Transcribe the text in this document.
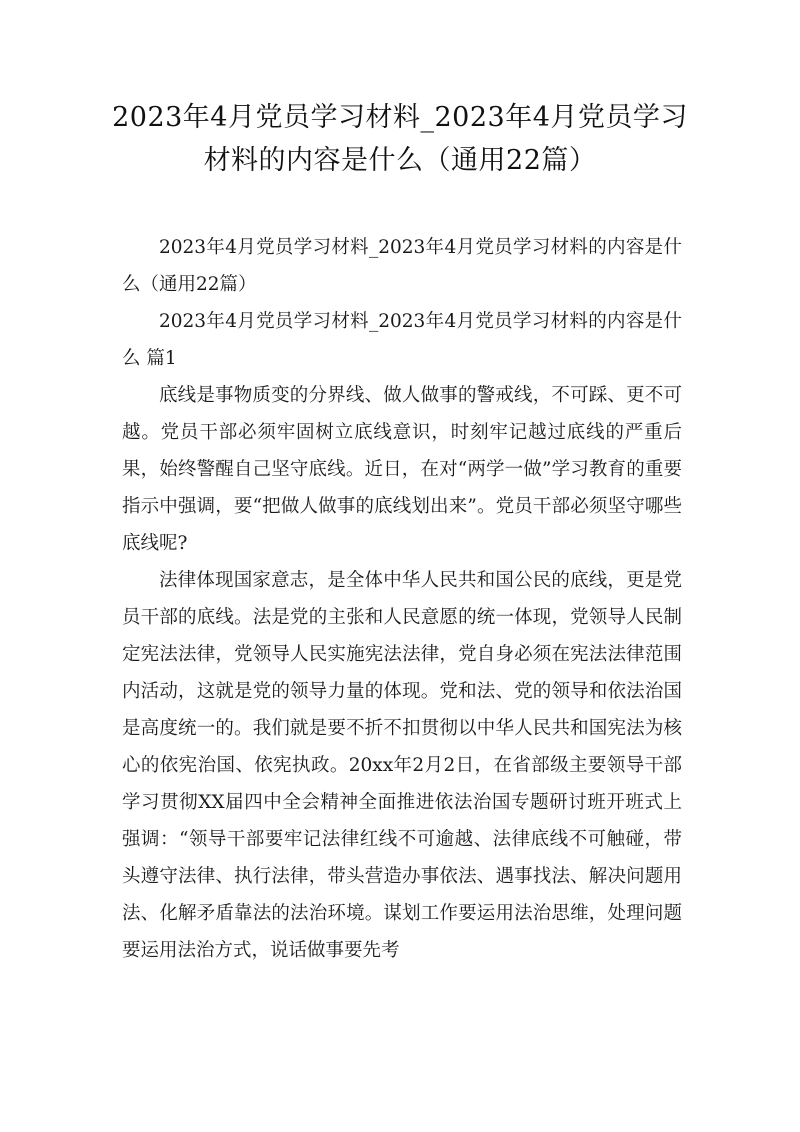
2023年4月党员学习材料_2023年4月党员学习材料的内容是什么（通用22篇）

2023年4月党员学习材料_2023年4月党员学习材料的内容是什么（通用22篇）

2023年4月党员学习材料_2023年4月党员学习材料的内容是什么 篇1

底线是事物质变的分界线、做人做事的警戒线，不可踩、更不可越。党员干部必须牢固树立底线意识，时刻牢记越过底线的严重后果，始终警醒自己坚守底线。近日，在对“两学一做”学习教育的重要指示中强调，要“把做人做事的底线划出来”。党员干部必须坚守哪些底线呢?

法律体现国家意志，是全体中华人民共和国公民的底线，更是党员干部的底线。法是党的主张和人民意愿的统一体现，党领导人民制定宪法法律，党领导人民实施宪法法律，党自身必须在宪法法律范围内活动，这就是党的领导力量的体现。党和法、党的领导和依法治国是高度统一的。我们就是要不折不扣贯彻以中华人民共和国宪法为核心的依宪治国、依宪执政。20xx年2月2日，在省部级主要领导干部学习贯彻XX届四中全会精神全面推进依法治国专题研讨班开班式上强调：“领导干部要牢记法律红线不可逾越、法律底线不可触碰，带头遵守法律、执行法律，带头营造办事依法、遇事找法、解决问题用法、化解矛盾靠法的法治环境。谋划工作要运用法治思维，处理问题要运用法治方式，说话做事要先考
